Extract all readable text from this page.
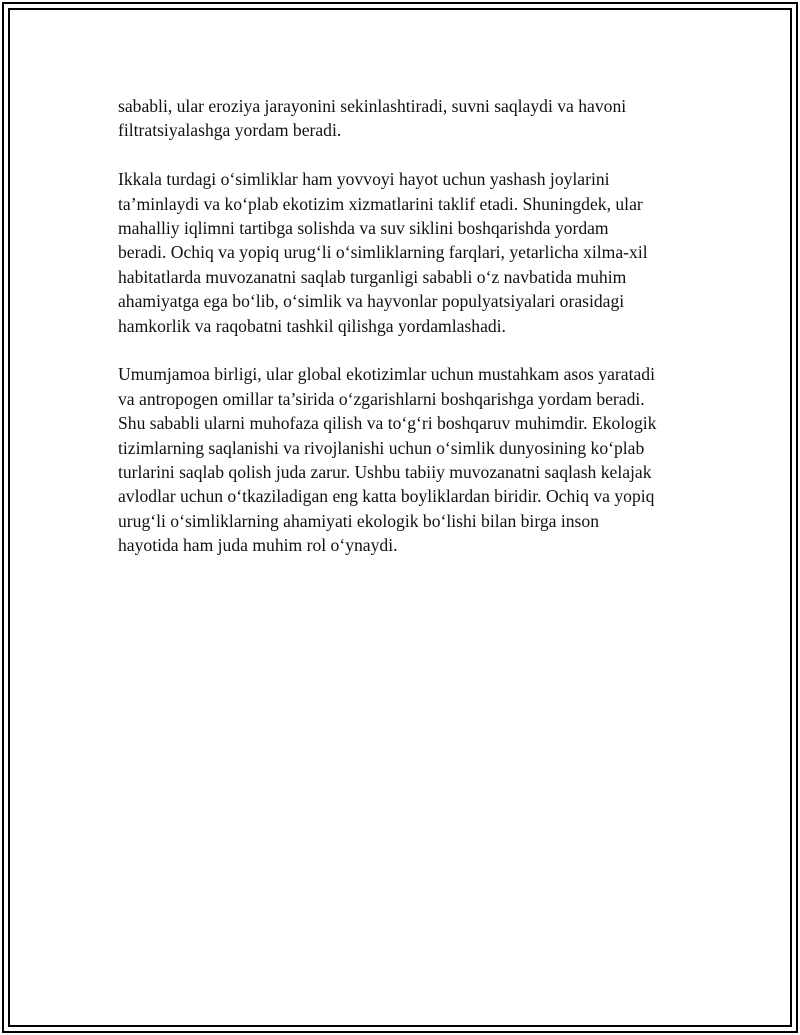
sababli, ular eroziya jarayonini sekinlashtiradi, suvni saqlaydi va havoni
filtratsiyalashga yordam beradi.

Ikkala turdagi o‘simliklar ham yovvoyi hayot uchun yashash joylarini
ta’minlaydi va ko‘plab ekotizim xizmatlarini taklif etadi. Shuningdek, ular
mahalliy iqlimni tartibga solishda va suv siklini boshqarishda yordam
beradi. Ochiq va yopiq urug‘li o‘simliklarning farqlari, yetarlicha xilma-xil
habitatlarda muvozanatni saqlab turganligi sababli o‘z navbatida muhim
ahamiyatga ega bo‘lib, o‘simlik va hayvonlar populyatsiyalari orasidagi
hamkorlik va raqobatni tashkil qilishga yordamlashadi.

Umumjamoa birligi, ular global ekotizimlar uchun mustahkam asos yaratadi
va antropogen omillar ta’sirida o‘zgarishlarni boshqarishga yordam beradi.
Shu sababli ularni muhofaza qilish va to‘g‘ri boshqaruv muhimdir. Ekologik
tizimlarning saqlanishi va rivojlanishi uchun o‘simlik dunyosining ko‘plab
turlarini saqlab qolish juda zarur. Ushbu tabiiy muvozanatni saqlash kelajak
avlodlar uchun o‘tkaziladigan eng katta boyliklardan biridir. Ochiq va yopiq
urug‘li o‘simliklarning ahamiyati ekologik bo‘lishi bilan birga inson
hayotida ham juda muhim rol o‘ynaydi.
